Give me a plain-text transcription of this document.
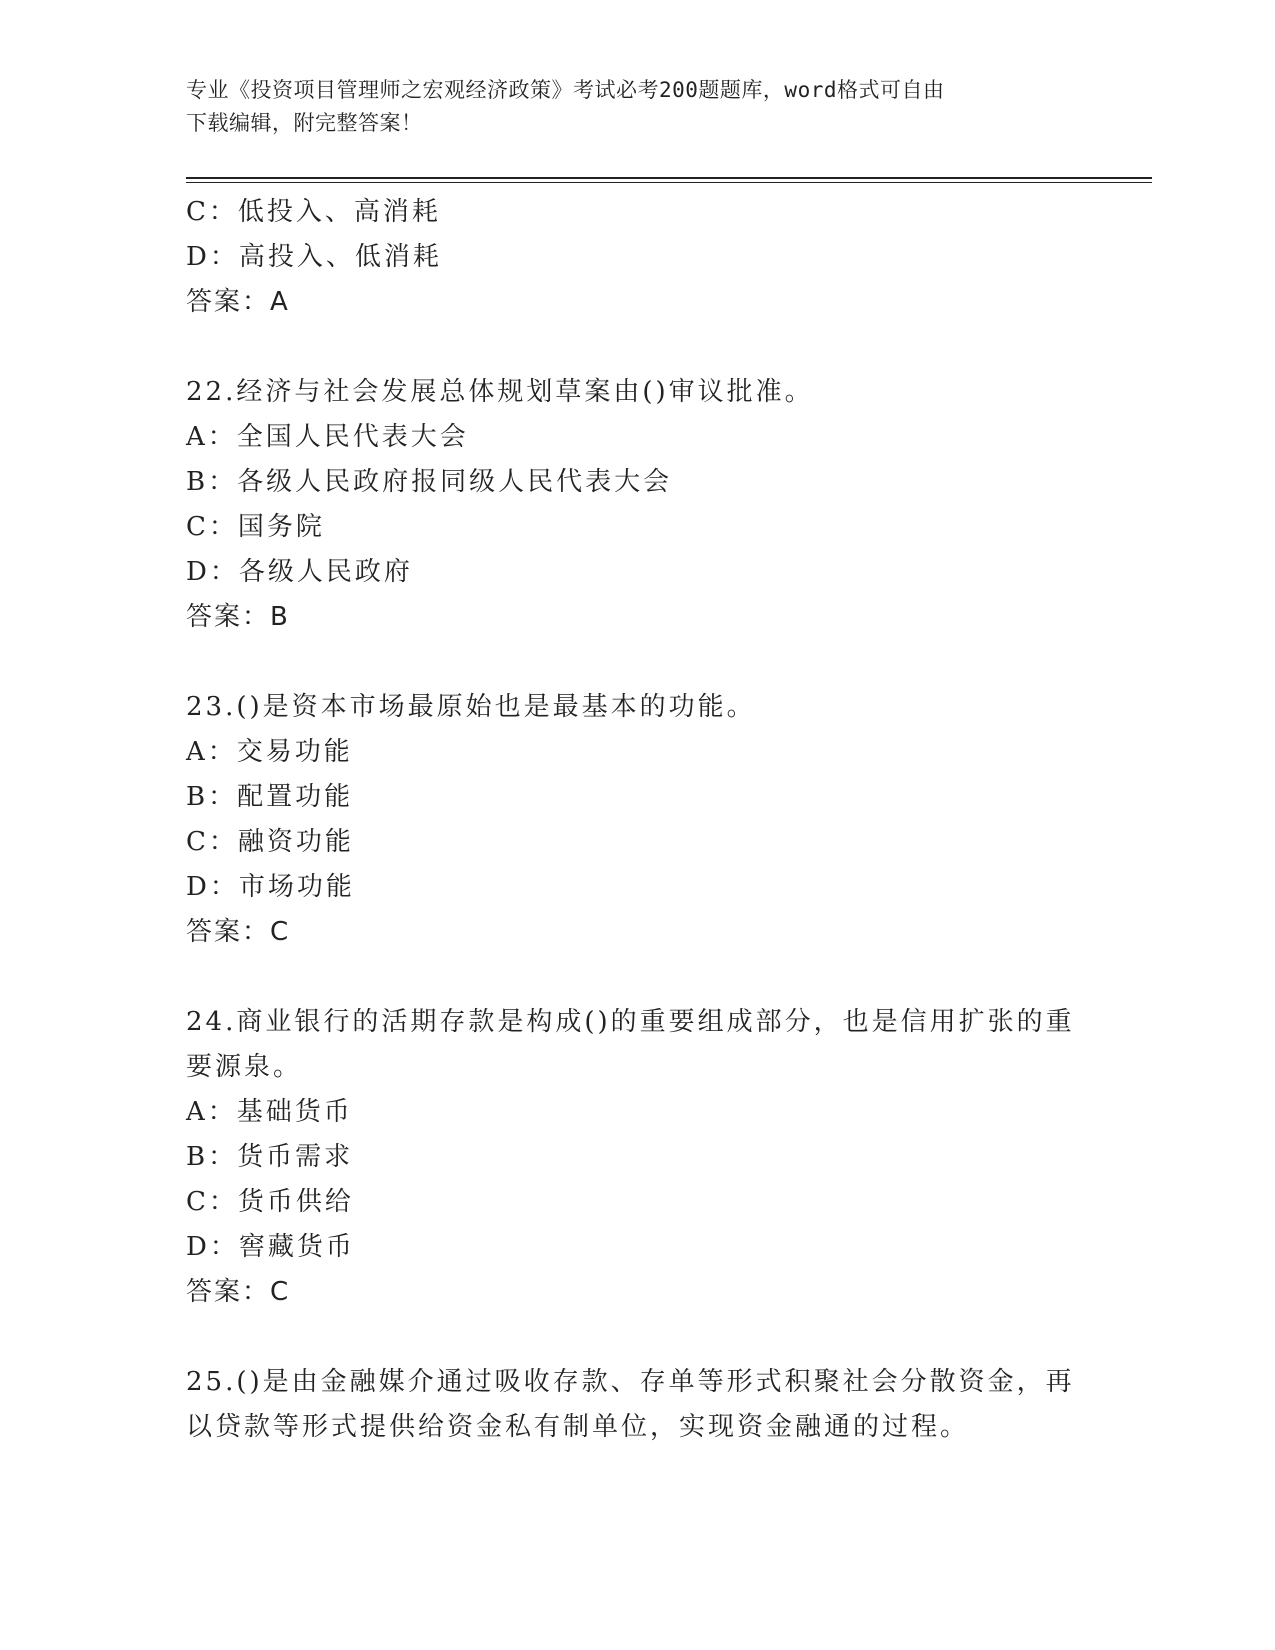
专业《投资项目管理师之宏观经济政策》考试必考200题题库，word格式可自由
下载编辑，附完整答案！
C：低投入、高消耗
D：高投入、低消耗
答案：A
22.经济与社会发展总体规划草案由()审议批准。
A：全国人民代表大会
B：各级人民政府报同级人民代表大会
C：国务院
D：各级人民政府
答案：B
23.()是资本市场最原始也是最基本的功能。
A：交易功能
B：配置功能
C：融资功能
D：市场功能
答案：C
24.商业银行的活期存款是构成()的重要组成部分，也是信用扩张的重
要源泉。
A：基础货币
B：货币需求
C：货币供给
D：窖藏货币
答案：C
25.()是由金融媒介通过吸收存款、存单等形式积聚社会分散资金，再
以贷款等形式提供给资金私有制单位，实现资金融通的过程。
